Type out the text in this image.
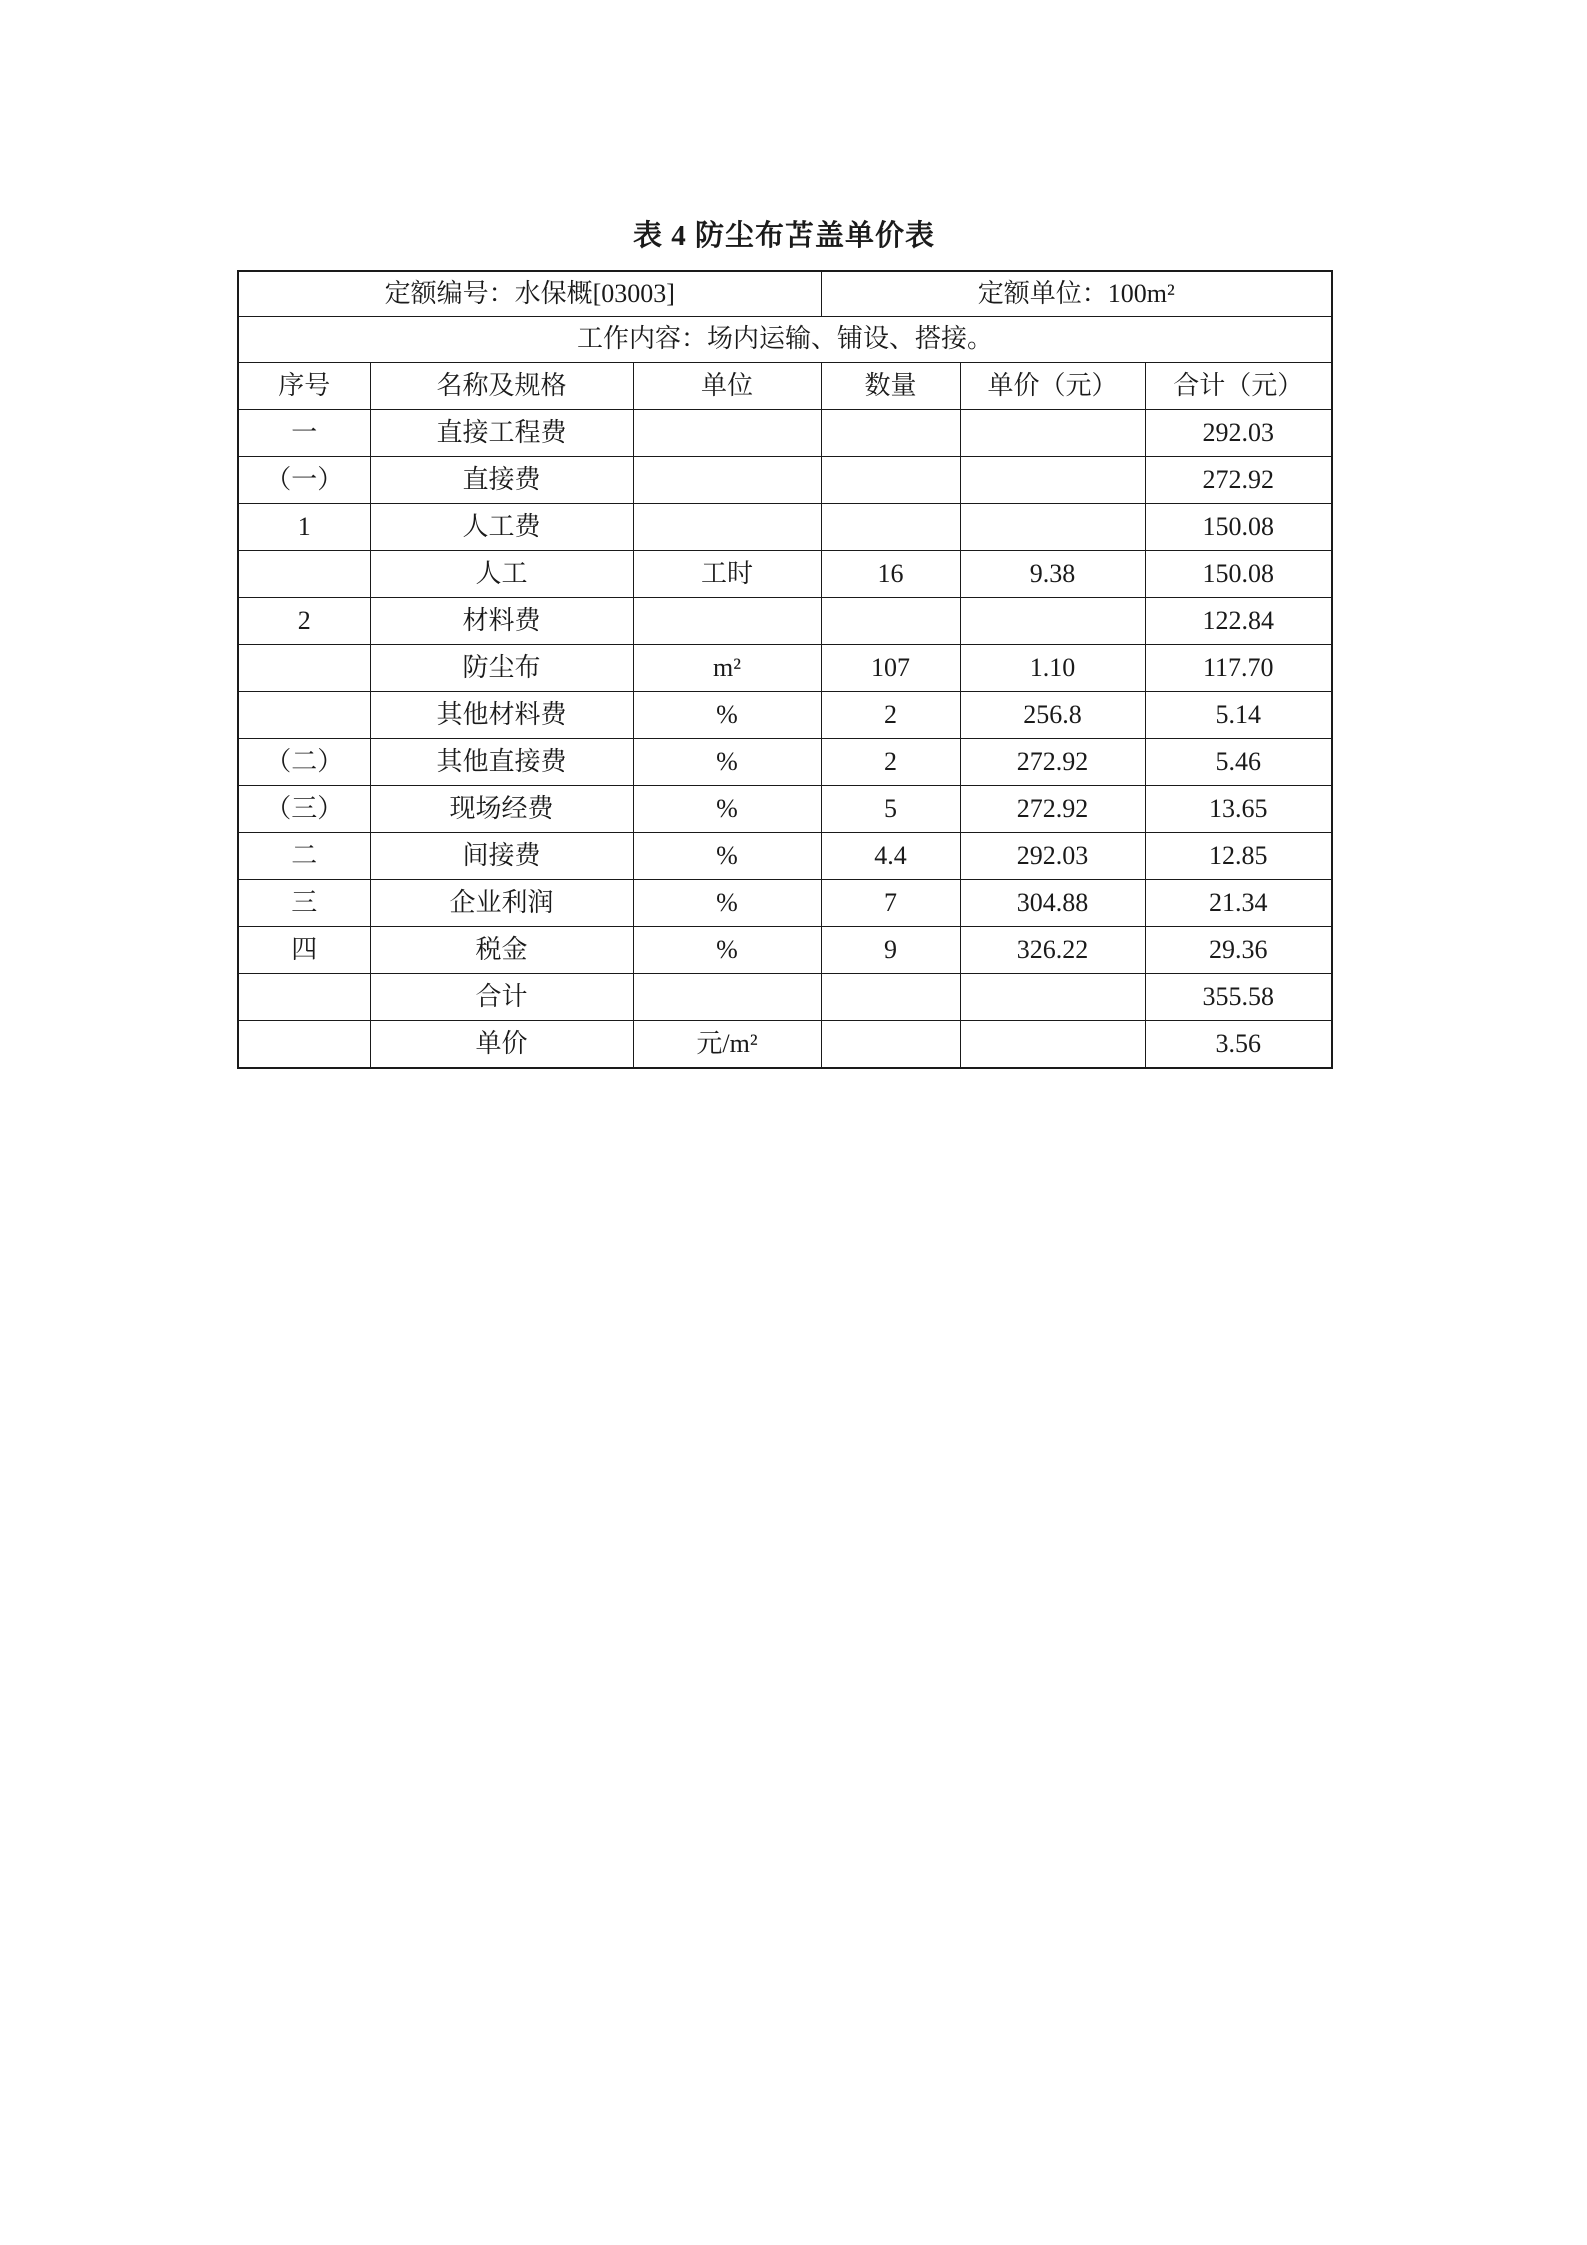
表 4 防尘布苫盖单价表
定额编号：水保概[03003]			定额单位：100m²		
工作内容：场内运输、铺设、搭接。					
序号	名称及规格	单位	数量	单价（元）	合计（元）
一	直接工程费				292.03
（一）	直接费				272.92
1	人工费				150.08
	人工	工时	16	9.38	150.08
2	材料费				122.84
	防尘布	m²	107	1.10	117.70
	其他材料费	%	2	256.8	5.14
（二）	其他直接费	%	2	272.92	5.46
（三）	现场经费	%	5	272.92	13.65
二	间接费	%	4.4	292.03	12.85
三	企业利润	%	7	304.88	21.34
四	税金	%	9	326.22	29.36
	合计				355.58
	单价	元/m²			3.56
